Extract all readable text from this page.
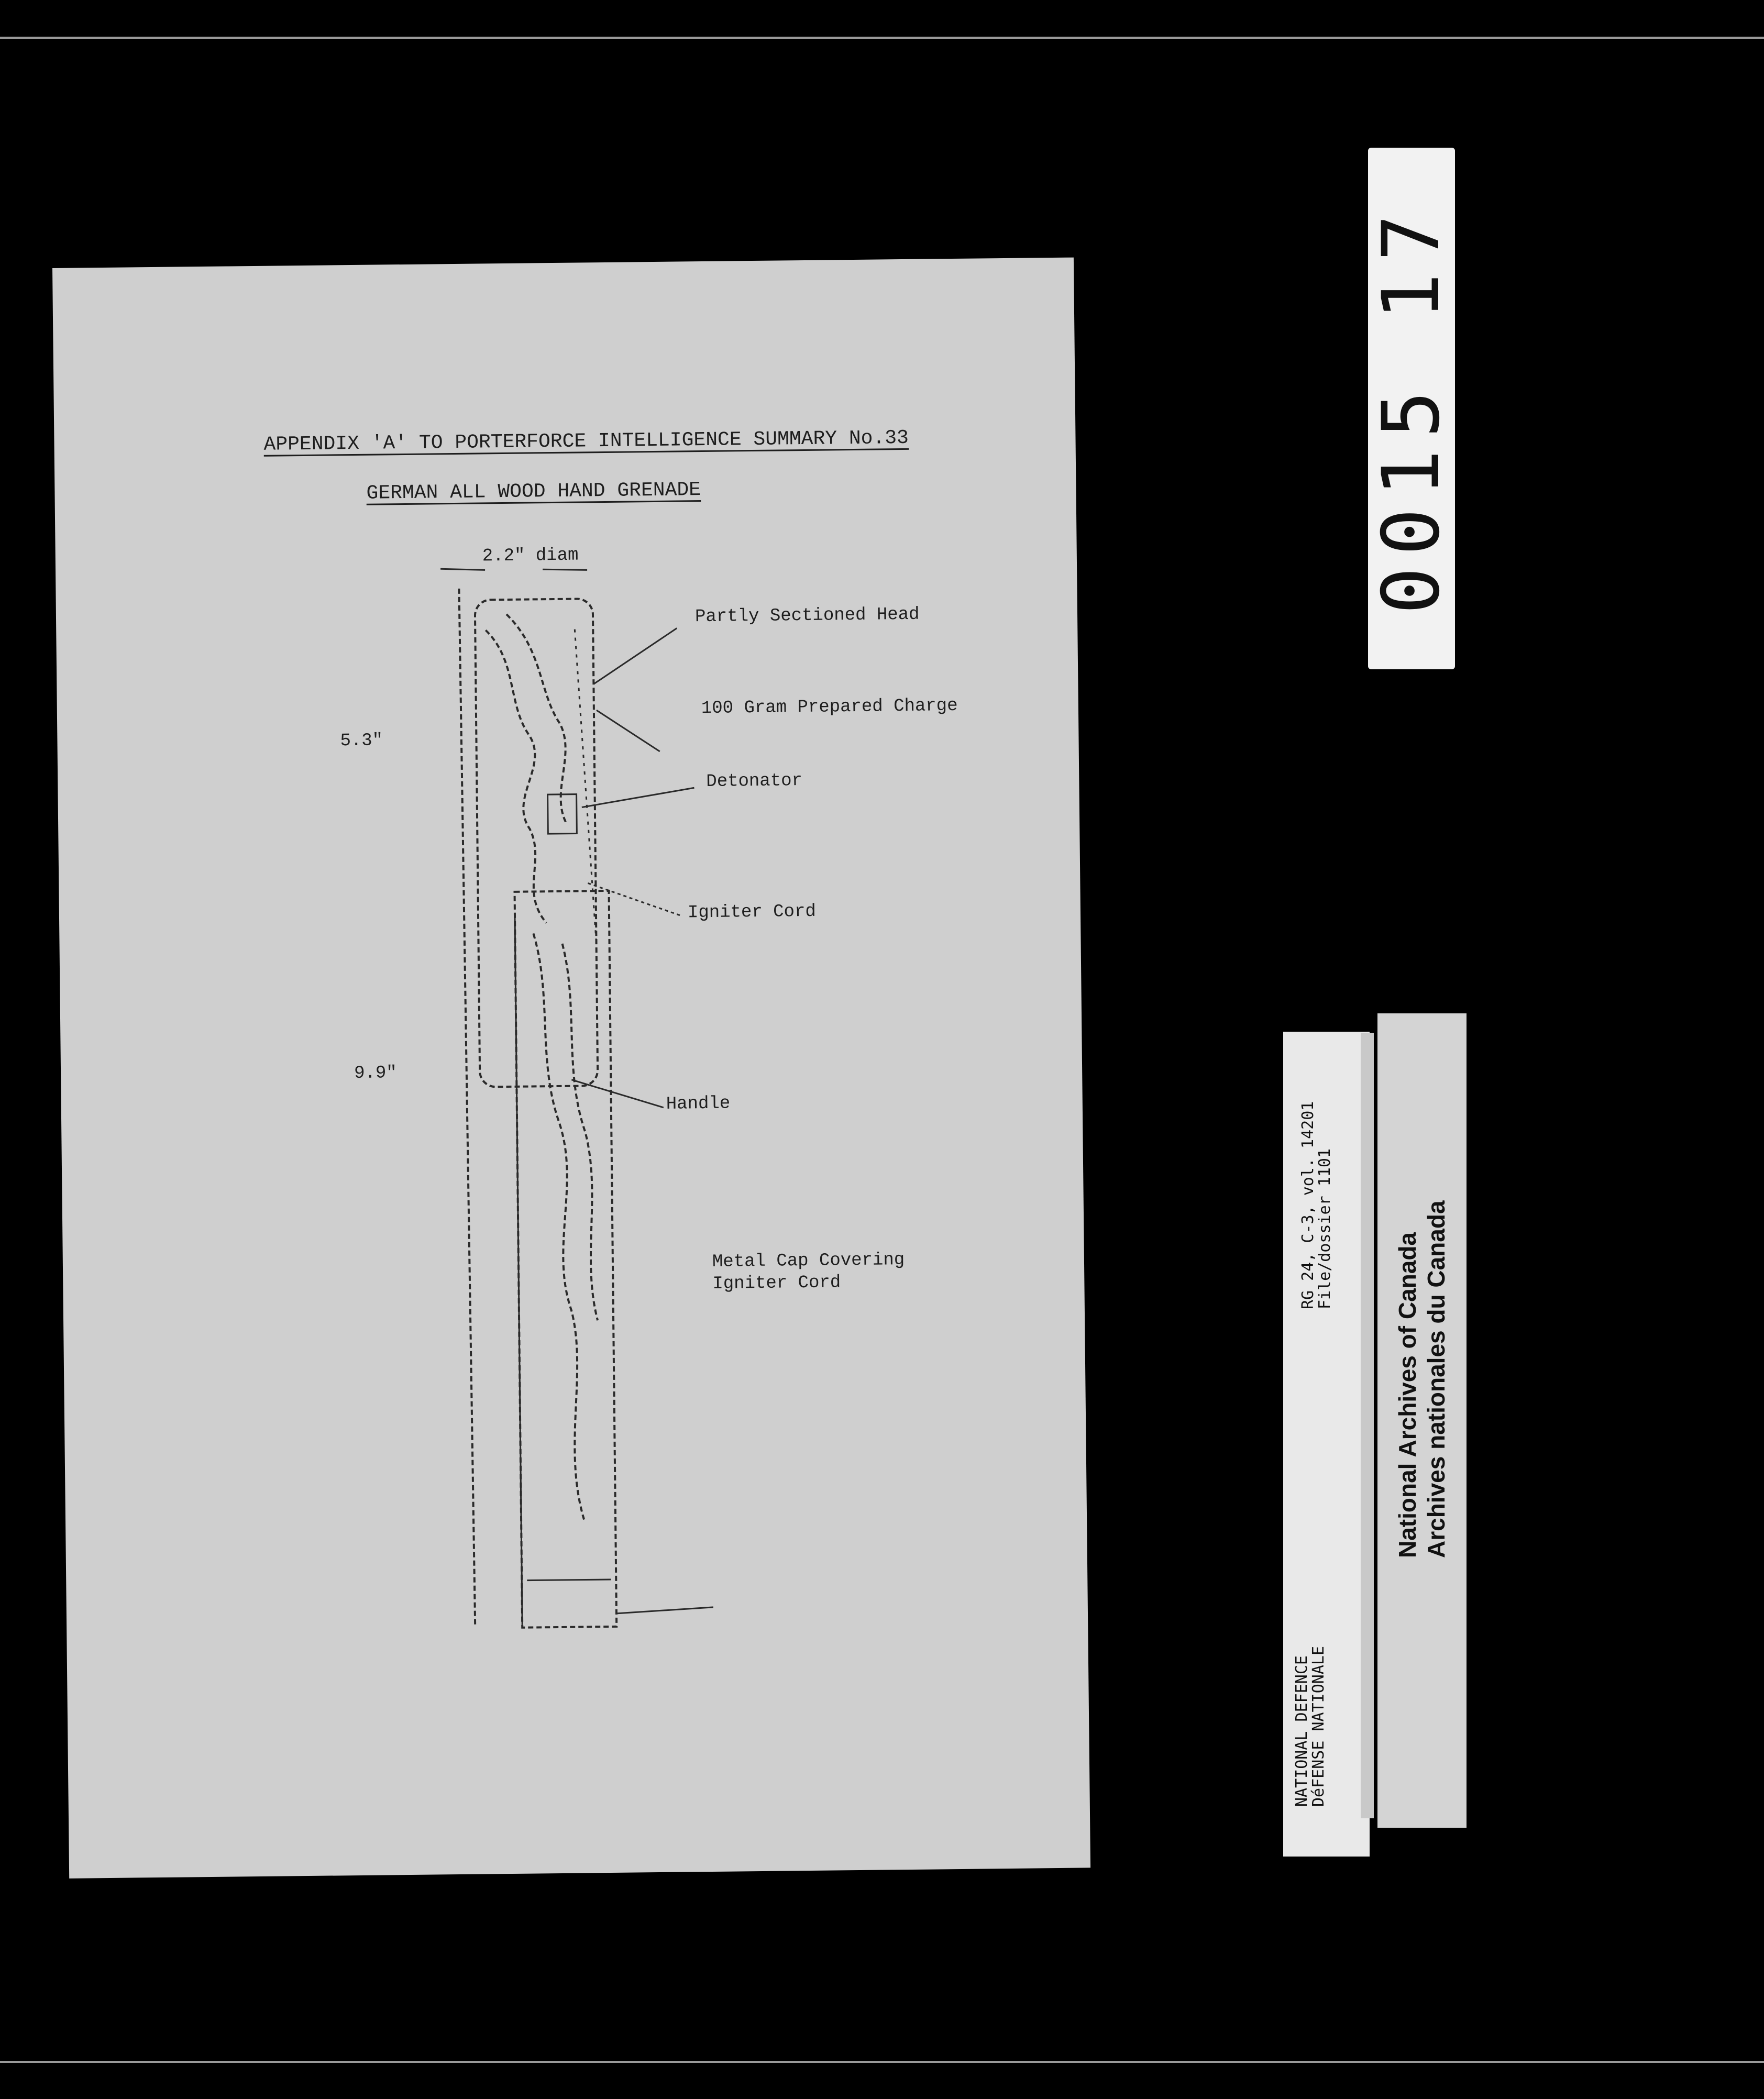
APPENDIX 'A' TO PORTERFORCE INTELLIGENCE SUMMARY No.33
GERMAN ALL WOOD HAND GRENADE
2.2" diam
5.3"
9.9"
Partly Sectioned Head
100 Gram Prepared Charge
Detonator
Igniter Cord
Handle
Metal Cap Covering
Igniter Cord
0015 17
NATIONAL DEFENCE
DéFENSE NATIONALE
RG 24, C-3, vol. 14201
File/dossier 1101
National Archives of Canada Archives nationales du Canada
